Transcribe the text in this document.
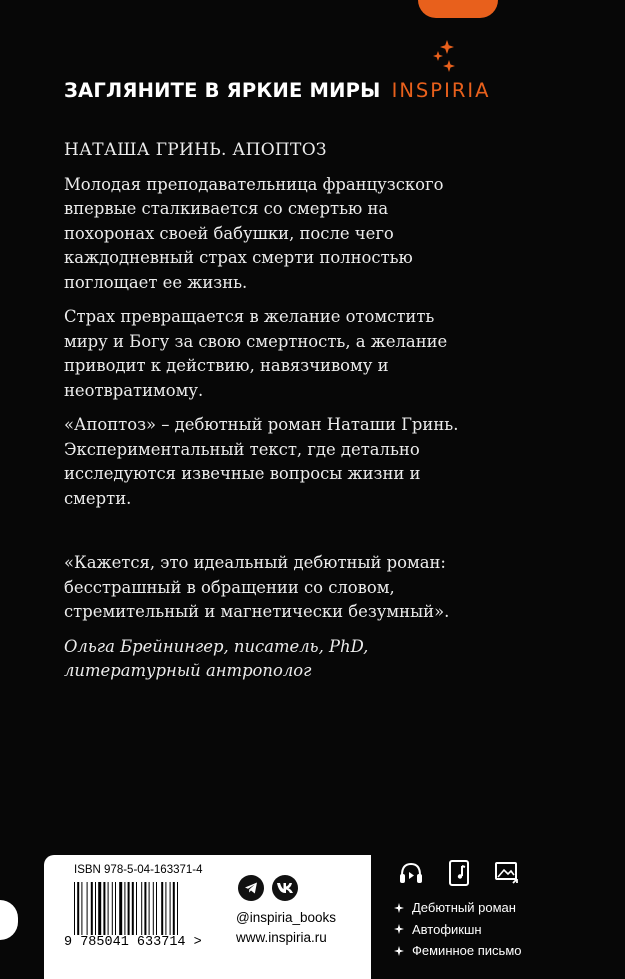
ЗАГЛЯНИТЕ В ЯРКИЕ МИРЫ INSPIRIA

НАТАША ГРИНЬ. АПОПТОЗ

Молодая преподавательница французского впервые сталкивается со смертью на похоронах своей бабушки, после чего каждодневный страх смерти полностью поглощает ее жизнь.

Страх превращается в желание отомстить миру и Богу за свою смертность, а желание приводит к действию, навязчивому и неотвратимому.

«Апоптоз» – дебютный роман Наташи Гринь. Экспериментальный текст, где детально исследуются извечные вопросы жизни и смерти.

«Кажется, это идеальный дебютный роман: бесстрашный в обращении со словом, стремительный и магнетически безумный».

Ольга Брейнингер, писатель, PhD, литературный антрополог

ISBN 978-5-04-163371-4
9 785041 633714 >
@inspiria_books
www.inspiria.ru
Дебютный роман
Автофикшн
Феминное письмо
